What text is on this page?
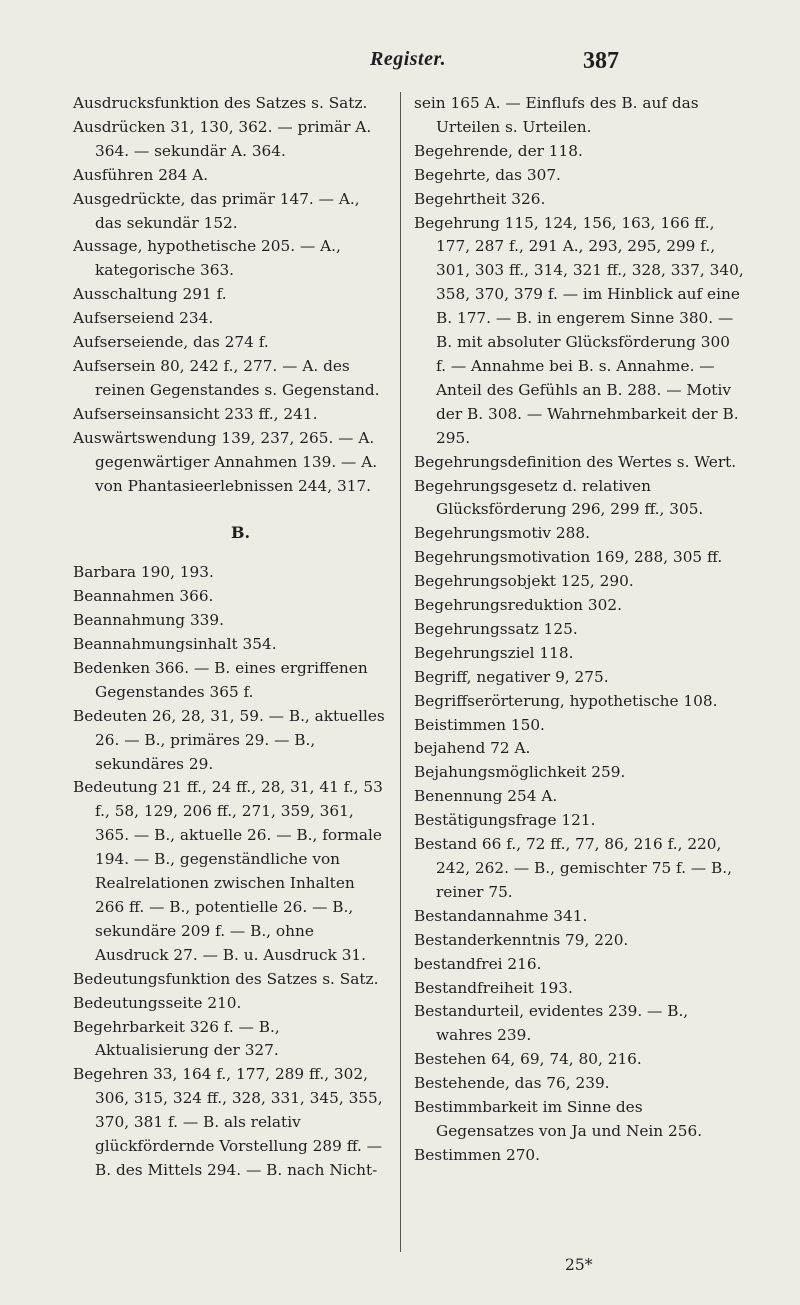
Register.	387

Ausdrucksfunktion des Satzes s. Satz.

Ausdrücken 31, 130, 362. — primär A. 364. — sekundär A. 364.

Ausführen 284 A.

Ausgedrückte, das primär 147. — A., das sekundär 152.

Aussage, hypothetische 205. — A., kategorische 363.

Ausschaltung 291 f.

Aufserseiend 234.

Aufserseiende, das 274 f.

Aufsersein 80, 242 f., 277. — A. des reinen Gegenstandes s. Gegenstand.

Aufserseinsansicht 233 ff., 241.

Auswärtswendung 139, 237, 265. — A. gegenwärtiger Annahmen 139. — A. von Phantasieerlebnissen 244, 317.

B.

Barbara 190, 193.

Beannahmen 366.

Beannahmung 339.

Beannahmungsinhalt 354.

Bedenken 366. — B. eines ergriffenen Gegenstandes 365 f.

Bedeuten 26, 28, 31, 59. — B., aktuelles 26. — B., primäres 29. — B., sekundäres 29.

Bedeutung 21 ff., 24 ff., 28, 31, 41 f., 53 f., 58, 129, 206 ff., 271, 359, 361, 365. — B., aktuelle 26. — B., formale 194. — B., gegenständliche von Realrelationen zwischen Inhalten 266 ff. — B., potentielle 26. — B., sekundäre 209 f. — B., ohne Ausdruck 27. — B. u. Ausdruck 31.

Bedeutungsfunktion des Satzes s. Satz.

Bedeutungsseite 210.

Begehrbarkeit 326 f. — B., Aktualisierung der 327.

Begehren 33, 164 f., 177, 289 ff., 302, 306, 315, 324 ff., 328, 331, 345, 355, 370, 381 f. — B. als relativ glückfördernde Vorstellung 289 ff. — B. des Mittels 294. — B. nach Nicht-

sein 165 A. — Einflufs des B. auf das Urteilen s. Urteilen.

Begehrende, der 118.

Begehrte, das 307.

Begehrtheit 326.

Begehrung 115, 124, 156, 163, 166 ff., 177, 287 f., 291 A., 293, 295, 299 f., 301, 303 ff., 314, 321 ff., 328, 337, 340, 358, 370, 379 f. — im Hinblick auf eine B. 177. — B. in engerem Sinne 380. — B. mit absoluter Glücksförderung 300 f. — Annahme bei B. s. Annahme. — Anteil des Gefühls an B. 288. — Motiv der B. 308. — Wahrnehmbarkeit der B. 295.

Begehrungsdefinition des Wertes s. Wert.

Begehrungsgesetz d. relativen Glücksförderung 296, 299 ff., 305.

Begehrungsmotiv 288.

Begehrungsmotivation 169, 288, 305 ff.

Begehrungsobjekt 125, 290.

Begehrungsreduktion 302.

Begehrungssatz 125.

Begehrungsziel 118.

Begriff, negativer 9, 275.

Begriffserörterung, hypothetische 108.

Beistimmen 150.

bejahend 72 A.

Bejahungsmöglichkeit 259.

Benennung 254 A.

Bestätigungsfrage 121.

Bestand 66 f., 72 ff., 77, 86, 216 f., 220, 242, 262. — B., gemischter 75 f. — B., reiner 75.

Bestandannahme 341.

Bestanderkenntnis 79, 220.

bestandfrei 216.

Bestandfreiheit 193.

Bestandurteil, evidentes 239. — B., wahres 239.

Bestehen 64, 69, 74, 80, 216.

Bestehende, das 76, 239.

Bestimmbarkeit im Sinne des Gegensatzes von Ja und Nein 256.

Bestimmen 270.

25*
